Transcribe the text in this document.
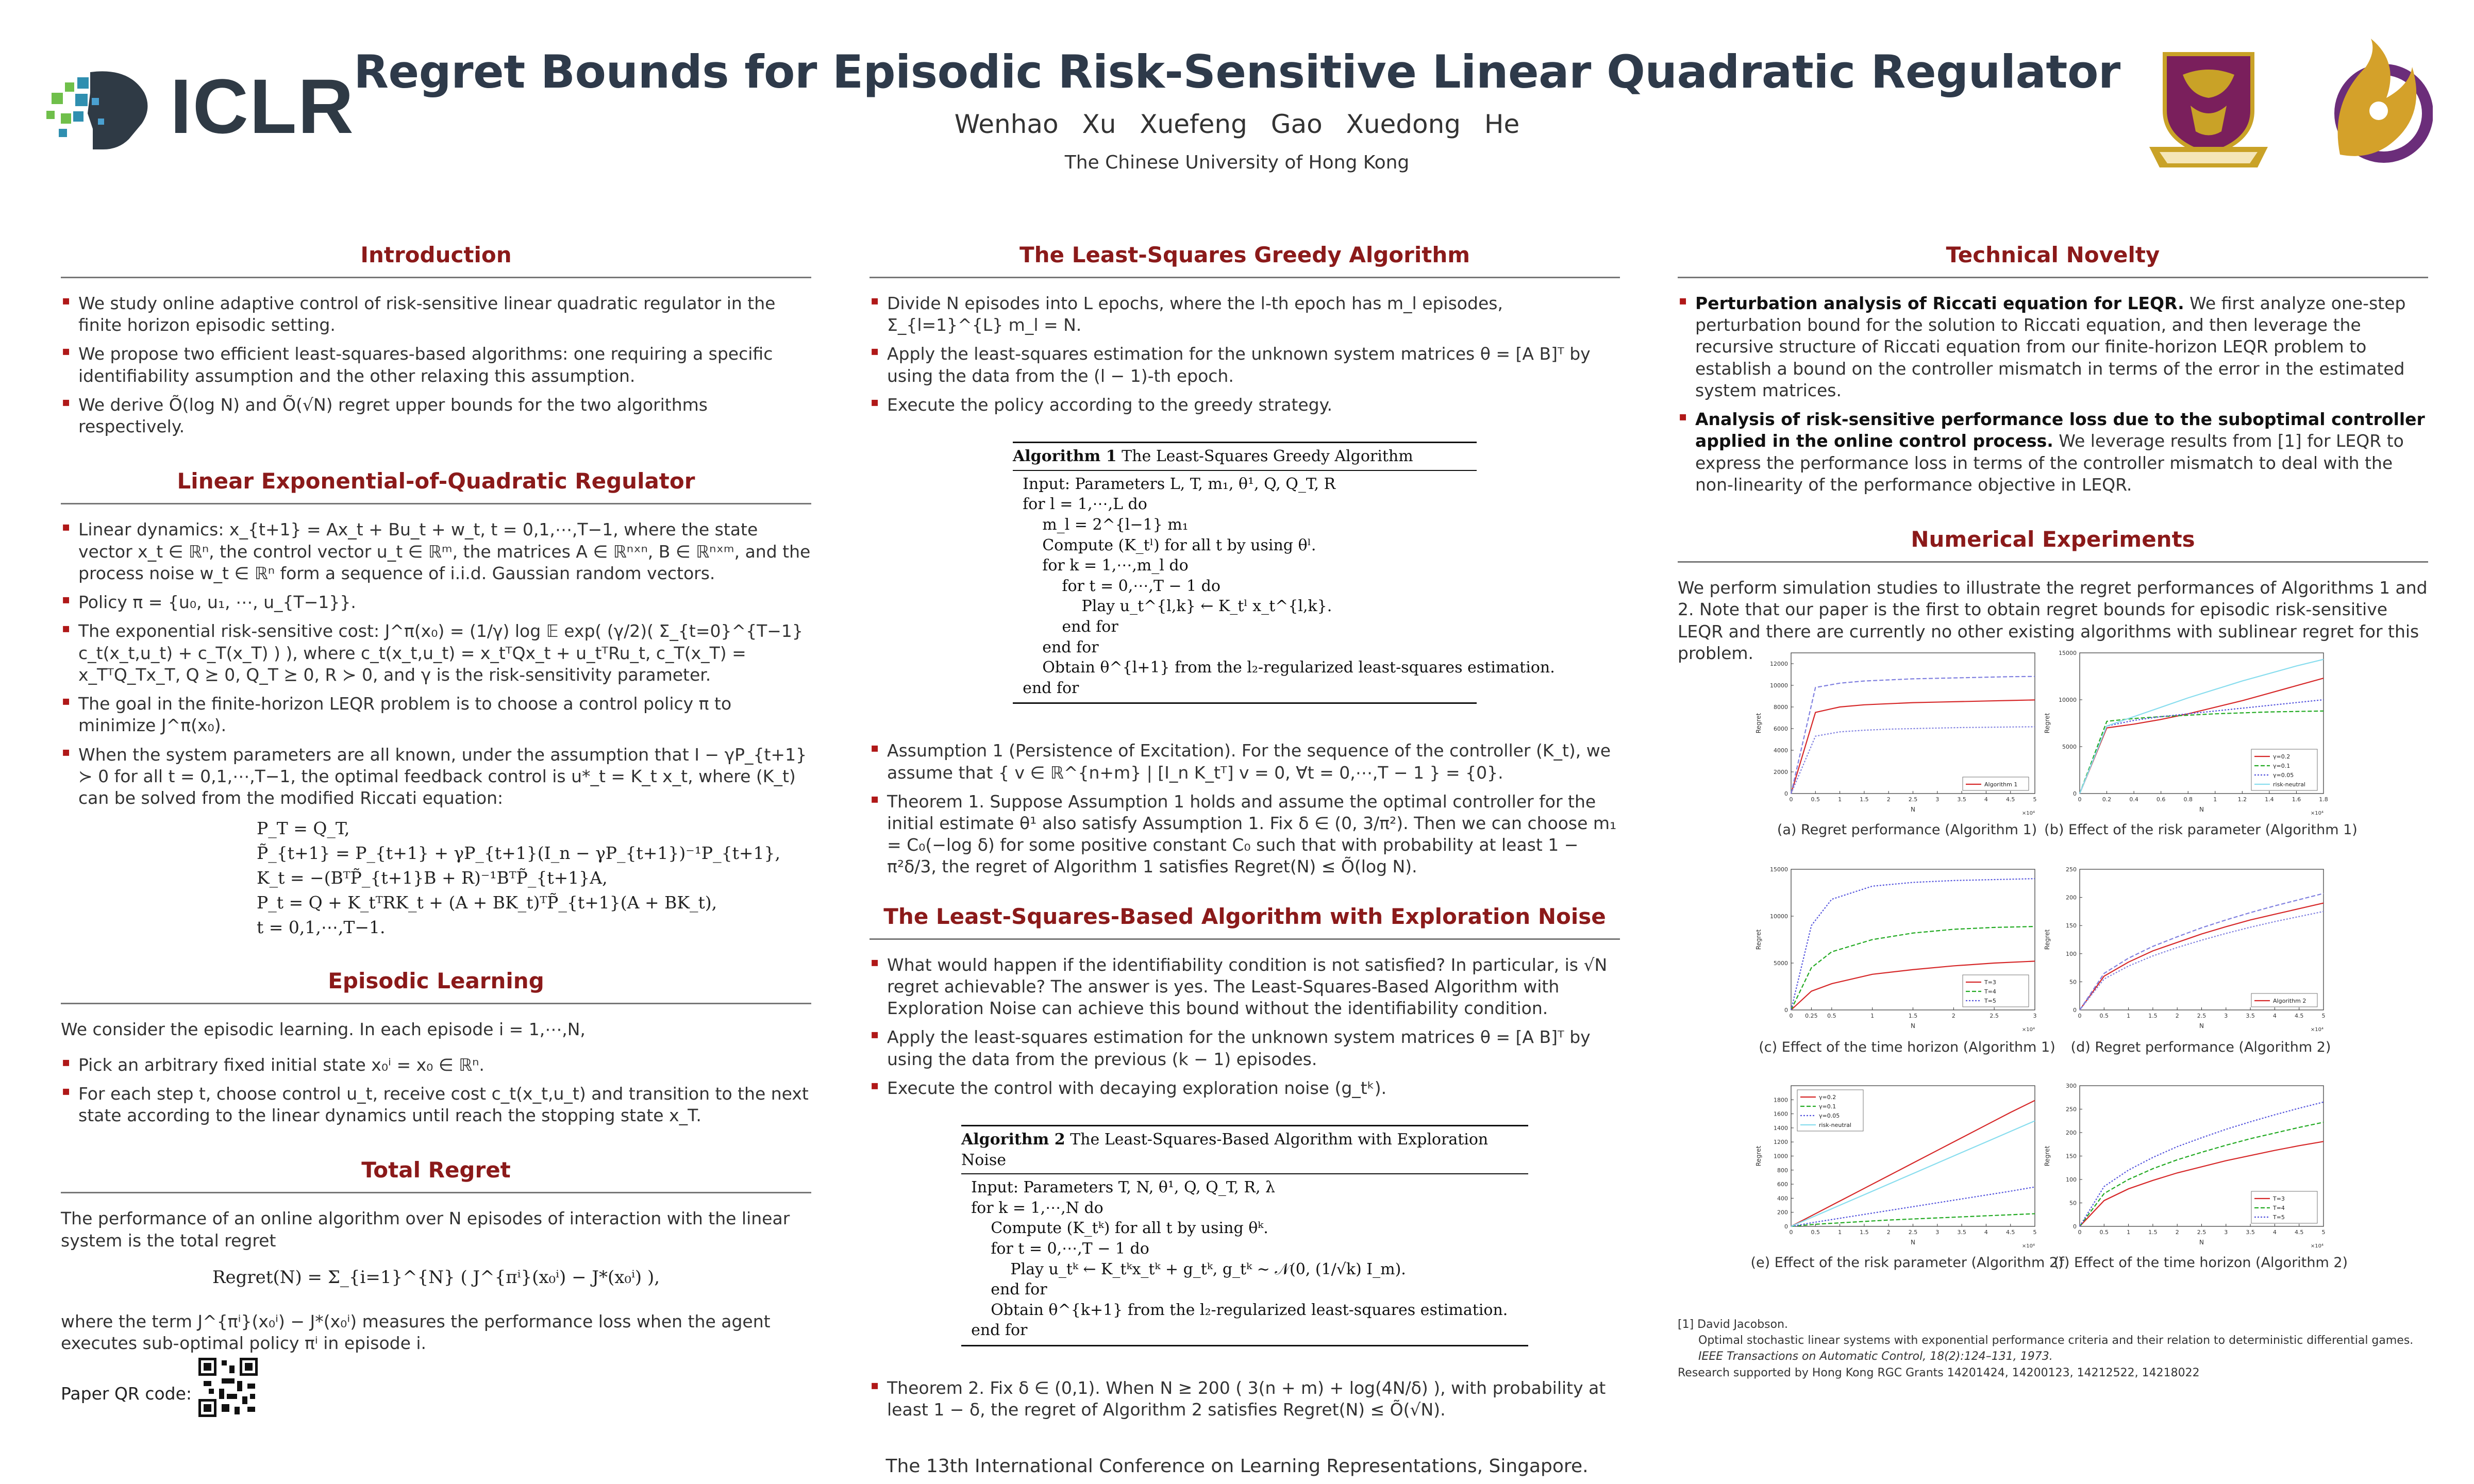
ICLR
Regret Bounds for Episodic Risk-Sensitive Linear Quadratic Regulator
Wenhao Xu Xuefeng Gao Xuedong He
The Chinese University of Hong Kong
Introduction
▪ We study online adaptive control of risk-sensitive linear quadratic regulator in the finite horizon episodic setting.
▪ We propose two efficient least-squares-based algorithms: one requiring a specific identifiability assumption and the other relaxing this assumption.
▪ We derive Õ(log N) and Õ(√N) regret upper bounds for the two algorithms respectively.
Linear Exponential-of-Quadratic Regulator
▪ Linear dynamics: x_{t+1} = Ax_t + Bu_t + w_t, t = 0,1,⋯,T−1, where the state vector x_t ∈ ℝⁿ, the control vector u_t ∈ ℝᵐ, the matrices A ∈ ℝⁿˣⁿ, B ∈ ℝⁿˣᵐ, and the process noise w_t ∈ ℝⁿ form a sequence of i.i.d. Gaussian random vectors.
▪ Policy π = {u₀, u₁, ⋯, u_{T−1}}.
▪ The exponential risk-sensitive cost: J^π(x₀) = (1/γ) log 𝔼 exp( (γ/2)( Σ_{t=0}^{T−1} c_t(x_t,u_t) + c_T(x_T) ) ), where c_t(x_t,u_t) = x_tᵀQx_t + u_tᵀRu_t, c_T(x_T) = x_TᵀQ_Tx_T, Q ⪰ 0, Q_T ⪰ 0, R ≻ 0, and γ is the risk-sensitivity parameter.
▪ The goal in the finite-horizon LEQR problem is to choose a control policy π to minimize J^π(x₀).
▪ When the system parameters are all known, under the assumption that I − γP_{t+1} ≻ 0 for all t = 0,1,⋯,T−1, the optimal feedback control is u*_t = K_t x_t, where (K_t) can be solved from the modified Riccati equation:
P_T = Q_T,
P̃_{t+1} = P_{t+1} + γP_{t+1}(I_n − γP_{t+1})⁻¹P_{t+1},
K_t = −(BᵀP̃_{t+1}B + R)⁻¹BᵀP̃_{t+1}A,
P_t = Q + K_tᵀRK_t + (A + BK_t)ᵀP̃_{t+1}(A + BK_t),
t = 0,1,⋯,T−1.
Episodic Learning

We consider the episodic learning. In each episode i = 1,⋯,N,

▪ Pick an arbitrary fixed initial state x₀ⁱ = x₀ ∈ ℝⁿ.
▪ For each step t, choose control u_t, receive cost c_t(x_t,u_t) and transition to the next state according to the linear dynamics until reach the stopping state x_T.
Total Regret

The performance of an online algorithm over N episodes of interaction with the linear system is the total regret

Regret(N) = Σ_{i=1}^{N} ( J^{πⁱ}(x₀ⁱ) − J*(x₀ⁱ) ),

where the term J^{πⁱ}(x₀ⁱ) − J*(x₀ⁱ) measures the performance loss when the agent executes sub-optimal policy πⁱ in episode i.

Paper QR code:
The Least-Squares Greedy Algorithm
▪ Divide N episodes into L epochs, where the l-th epoch has m_l episodes, Σ_{l=1}^{L} m_l = N.
▪ Apply the least-squares estimation for the unknown system matrices θ = [A B]ᵀ by using the data from the (l − 1)-th epoch.
▪ Execute the policy according to the greedy strategy.
Algorithm 1 The Least-Squares Greedy Algorithm
Input: Parameters L, T, m₁, θ¹, Q, Q_T, R
for l = 1,⋯,L do
m_l = 2^{l−1} m₁
Compute (K_tˡ) for all t by using θˡ.
for k = 1,⋯,m_l do
for t = 0,⋯,T − 1 do
Play u_t^{l,k} ← K_tˡ x_t^{l,k}.
end for
end for
Obtain θ^{l+1} from the l₂-regularized least-squares estimation.
end for
▪ Assumption 1 (Persistence of Excitation). For the sequence of the controller (K_t), we assume that { v ∈ ℝ^{n+m} | [I_n K_tᵀ] v = 0, ∀t = 0,⋯,T − 1 } = {0}.
▪ Theorem 1. Suppose Assumption 1 holds and assume the optimal controller for the initial estimate θ¹ also satisfy Assumption 1. Fix δ ∈ (0, 3/π²). Then we can choose m₁ = C₀(−log δ) for some positive constant C₀ such that with probability at least 1 − π²δ/3, the regret of Algorithm 1 satisfies Regret(N) ≤ Õ(log N).
The Least-Squares-Based Algorithm with Exploration Noise
▪ What would happen if the identifiability condition is not satisfied? In particular, is √N regret achievable? The answer is yes. The Least-Squares-Based Algorithm with Exploration Noise can achieve this bound without the identifiability condition.
▪ Apply the least-squares estimation for the unknown system matrices θ = [A B]ᵀ by using the data from the previous (k − 1) episodes.
▪ Execute the control with decaying exploration noise (g_tᵏ).
Algorithm 2 The Least-Squares-Based Algorithm with Exploration Noise
Input: Parameters T, N, θ¹, Q, Q_T, R, λ
for k = 1,⋯,N do
Compute (K_tᵏ) for all t by using θᵏ.
for t = 0,⋯,T − 1 do
Play u_tᵏ ← K_tᵏx_tᵏ + g_tᵏ, g_tᵏ ∼ 𝒩(0, (1/√k) I_m).
end for
Obtain θ^{k+1} from the l₂-regularized least-squares estimation.
end for
▪ Theorem 2. Fix δ ∈ (0,1). When N ≥ 200 ( 3(n + m) + log(4N/δ) ), with probability at least 1 − δ, the regret of Algorithm 2 satisfies Regret(N) ≤ Õ(√N).
Technical Novelty
▪ Perturbation analysis of Riccati equation for LEQR. We first analyze one-step perturbation bound for the solution to Riccati equation, and then leverage the recursive structure of Riccati equation from our finite-horizon LEQR problem to establish a bound on the controller mismatch in terms of the error in the estimated system matrices.
▪ Analysis of risk-sensitive performance loss due to the suboptimal controller applied in the online control process. We leverage results from [1] for LEQR to express the performance loss in terms of the controller mismatch to deal with the non-linearity of the performance objective in LEQR.
Numerical Experiments

We perform simulation studies to illustrate the regret performances of Algorithms 1 and 2. Note that our paper is the first to obtain regret bounds for episodic risk-sensitive LEQR and there are currently no other existing algorithms with sublinear regret for this problem.

0
2000
4000
6000
8000
10000
12000
0	0.5	1	1.5	2	2.5	3	3.5	4	4.5	5
N
×10⁴
Regret
Algorithm 1
0
5000
10000
15000
0	0.2	0.4	0.6	0.8	1	1.2	1.4	1.6	1.8
N
×10⁴
Regret
γ=0.2
γ=0.1
γ=0.05
risk-neutral
0
5000
10000
15000
0 0.25 0.5	1	1.5	2	2.5	3
N
×10⁴
Regret
T=3
T=4
T=5
0
50
100
150
200
250
0	0.5	1	1.5	2	2.5	3	3.5	4	4.5	5
N
×10⁴
Regret
Algorithm 2
0
200
400
600
800
1000
1200
1400
1600
1800
0	0.5	1	1.5	2	2.5	3	3.5	4	4.5	5
N
×10⁴
Regret
γ=0.2
γ=0.1
γ=0.05
risk-neutral
0
50
100
150
200
250
300
0	0.5	1	1.5	2	2.5	3	3.5	4	4.5	5
N
×10⁴
Regret
T=3
T=4
T=5
(a) Regret performance (Algorithm 1) (b) Effect of the risk parameter (Algorithm 1)
(c) Effect of the time horizon (Algorithm 1)	(d) Regret performance (Algorithm 2)
(e) Effect of the risk parameter (Algorithm 2)
(f) Effect of the time horizon (Algorithm 2)
[1] David Jacobson.
Optimal stochastic linear systems with exponential performance criteria and their relation to deterministic differential games.
IEEE Transactions on Automatic Control, 18(2):124–131, 1973.
Research supported by Hong Kong RGC Grants 14201424, 14200123, 14212522, 14218022
The 13th International Conference on Learning Representations, Singapore.
